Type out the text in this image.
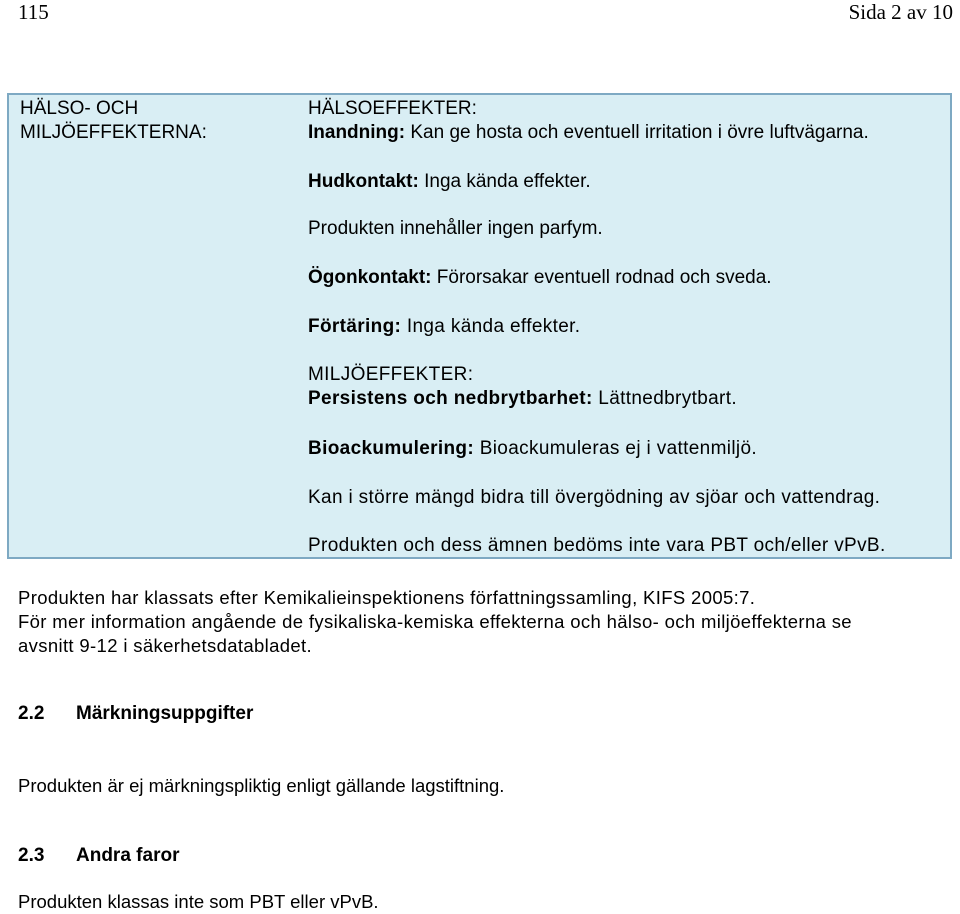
115	Sida 2 av 10
HÄLSO- OCH
MILJÖEFFEKTERNA:
HÄLSOEFFEKTER:
Inandning: Kan ge hosta och eventuell irritation i övre luftvägarna.
Hudkontakt: Inga kända effekter.
Produkten innehåller ingen parfym.
Ögonkontakt: Förorsakar eventuell rodnad och sveda.
Förtäring: Inga kända effekter.
MILJÖEFFEKTER:
Persistens och nedbrytbarhet: Lättnedbrytbart.
Bioackumulering: Bioackumuleras ej i vattenmiljö.
Kan i större mängd bidra till övergödning av sjöar och vattendrag.
Produkten och dess ämnen bedöms inte vara PBT och/eller vPvB.
Produkten har klassats efter Kemikalieinspektionens författningssamling, KIFS 2005:7.
För mer information angående de fysikaliska-kemiska effekterna och hälso- och miljöeffekterna se
avsnitt 9-12 i säkerhetsdatabladet.
2.2 Märkningsuppgifter
Produkten är ej märkningspliktig enligt gällande lagstiftning.
2.3 Andra faror
Produkten klassas inte som PBT eller vPvB.
